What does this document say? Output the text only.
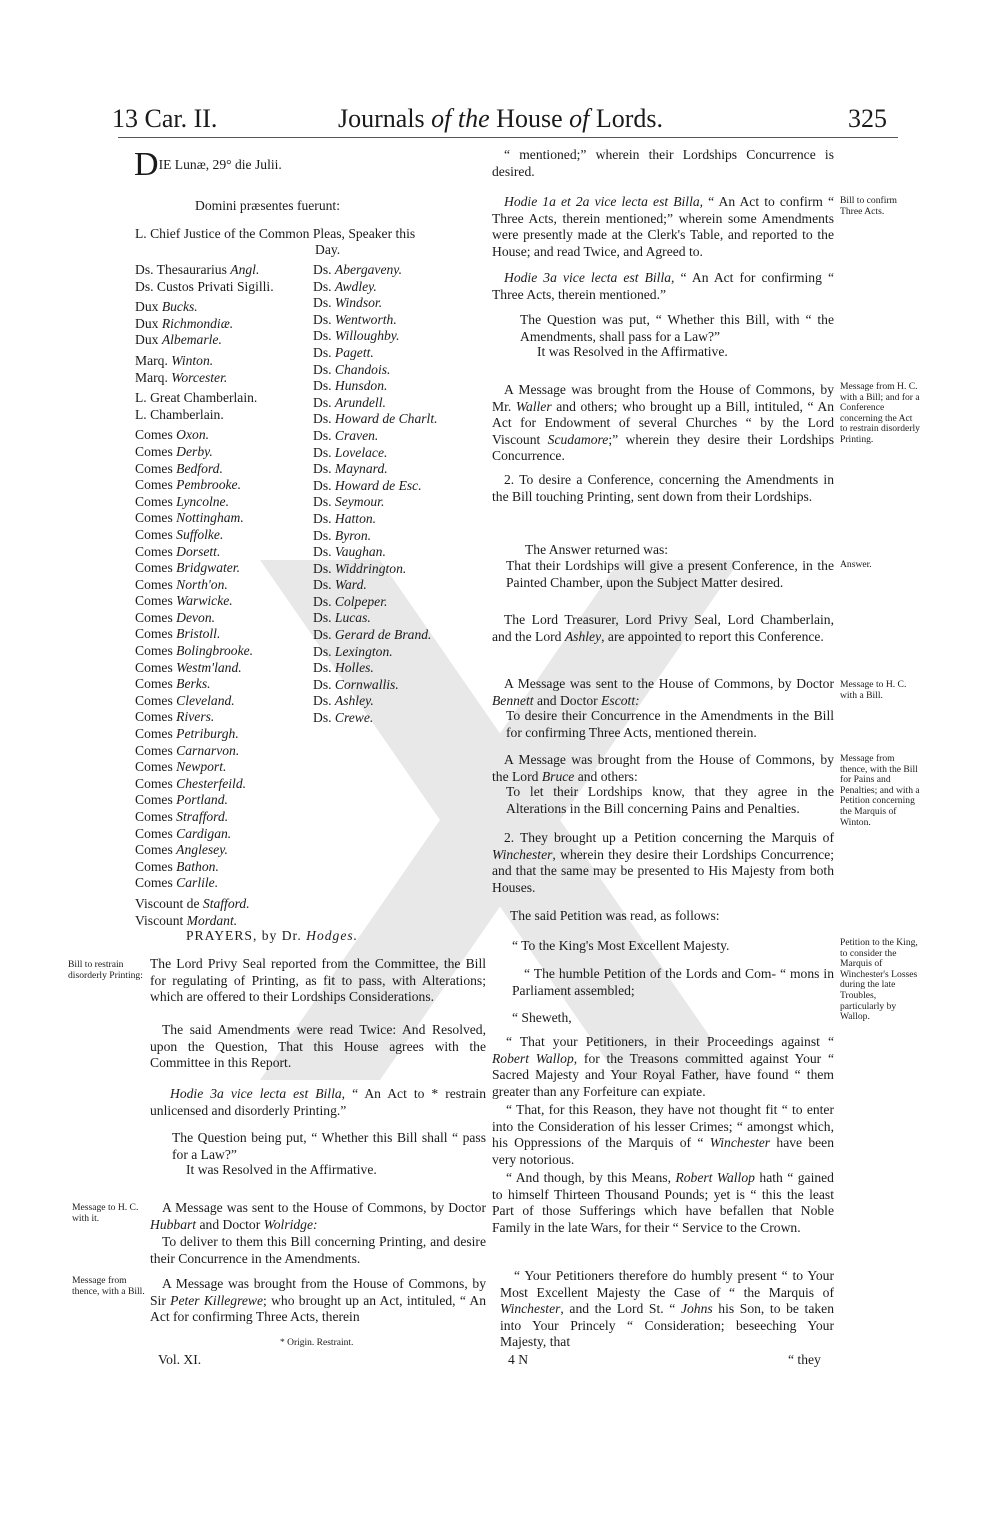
13 Car. II.	Journals of the House of Lords.	325
DIE Lunæ, 29° die Julii.
Domini præsentes fuerunt:
L. Chief Justice of the Common Pleas, Speaker this
Day.
Ds. Thesaurarius Angl.
Ds. Custos Privati Sigilli.
Dux Bucks.
Dux Richmondiæ.
Dux Albemarle.
Marq. Winton.
Marq. Worcester.
L. Great Chamberlain.
L. Chamberlain.
Comes Oxon.
Comes Derby.
Comes Bedford.
Comes Pembrooke.
Comes Lyncolne.
Comes Nottingham.
Comes Suffolke.
Comes Dorsett.
Comes Bridgwater.
Comes North'on.
Comes Warwicke.
Comes Devon.
Comes Bristoll.
Comes Bolingbrooke.
Comes Westm'land.
Comes Berks.
Comes Cleveland.
Comes Rivers.
Comes Petriburgh.
Comes Carnarvon.
Comes Newport.
Comes Chesterfeild.
Comes Portland.
Comes Strafford.
Comes Cardigan.
Comes Anglesey.
Comes Bathon.
Comes Carlile.
Viscount de Stafford.
Viscount Mordant.
Ds. Abergaveny.
Ds. Awdley.
Ds. Windsor.
Ds. Wentworth.
Ds. Willoughby.
Ds. Pagett.
Ds. Chandois.
Ds. Hunsdon.
Ds. Arundell.
Ds. Howard de Charlt.
Ds. Craven.
Ds. Lovelace.
Ds. Maynard.
Ds. Howard de Esc.
Ds. Seymour.
Ds. Hatton.
Ds. Byron.
Ds. Vaughan.
Ds. Widdrington.
Ds. Ward.
Ds. Colpeper.
Ds. Lucas.
Ds. Gerard de Brand.
Ds. Lexington.
Ds. Holles.
Ds. Cornwallis.
Ds. Ashley.
Ds. Crewe.
PRAYERS, by Dr. Hodges.
The Lord Privy Seal reported from the Committee, the Bill for regulating of Printing, as fit to pass, with Alterations; which are offered to their Lordships Considerations.
The said Amendments were read Twice: And Resolved, upon the Question, That this House agrees with the Committee in this Report.
Hodie 3a vice lecta est Billa, “ An Act to * restrain unlicensed and disorderly Printing.”
The Question being put, “ Whether this Bill shall “ pass for a Law?”
It was Resolved in the Affirmative.
A Message was sent to the House of Commons, by Doctor Hubbart and Doctor Wolridge:
To deliver to them this Bill concerning Printing, and desire their Concurrence in the Amendments.
A Message was brought from the House of Commons, by Sir Peter Killegrewe; who brought up an Act, intituled, “ An Act for confirming Three Acts, therein
* Origin. Restraint.
Vol. XI.
Bill to restrain disorderly Printing:
Message to H. C. with it.
Message from thence, with a Bill.
“ mentioned;” wherein their Lordships Concurrence is desired.
Hodie 1a et 2a vice lecta est Billa, “ An Act to confirm “ Three Acts, therein mentioned;” wherein some Amendments were presently made at the Clerk's Table, and reported to the House; and read Twice, and Agreed to.
Hodie 3a vice lecta est Billa, “ An Act for confirming “ Three Acts, therein mentioned.”
The Question was put, “ Whether this Bill, with “ the Amendments, shall pass for a Law?”
It was Resolved in the Affirmative.
A Message was brought from the House of Commons, by Mr. Waller and others; who brought up a Bill, intituled, “ An Act for Endowment of several Churches “ by the Lord Viscount Scudamore;” wherein they desire their Lordships Concurrence.
2. To desire a Conference, concerning the Amendments in the Bill touching Printing, sent down from their Lordships.
The Answer returned was:
That their Lordships will give a present Conference, in the Painted Chamber, upon the Subject Matter desired.
The Lord Treasurer, Lord Privy Seal, Lord Chamberlain, and the Lord Ashley, are appointed to report this Conference.
A Message was sent to the House of Commons, by Doctor Bennett and Doctor Escott:
To desire their Concurrence in the Amendments in the Bill for confirming Three Acts, mentioned therein.
A Message was brought from the House of Commons, by the Lord Bruce and others:
To let their Lordships know, that they agree in the Alterations in the Bill concerning Pains and Penalties.
2. They brought up a Petition concerning the Marquis of Winchester, wherein they desire their Lordships Concurrence; and that the same may be presented to His Majesty from both Houses.
The said Petition was read, as follows:
“ To the King's Most Excellent Majesty.
“ The humble Petition of the Lords and Com- “ mons in Parliament assembled;
“ Sheweth,
“ That your Petitioners, in their Proceedings against “ Robert Wallop, for the Treasons committed against Your “ Sacred Majesty and Your Royal Father, have found “ them greater than any Forfeiture can expiate.
“ That, for this Reason, they have not thought fit “ to enter into the Consideration of his lesser Crimes; “ amongst which, his Oppressions of the Marquis of “ Winchester have been very notorious.
“ And though, by this Means, Robert Wallop hath “ gained to himself Thirteen Thousand Pounds; yet is “ this the least Part of those Sufferings which have befallen that Noble Family in the late Wars, for their “ Service to the Crown.
“ Your Petitioners therefore do humbly present “ to Your Most Excellent Majesty the Case of “ the Marquis of Winchester, and the Lord St. “ Johns his Son, to be taken into Your Princely “ Consideration; beseeching Your Majesty, that
4 N	“ they
Bill to confirm Three Acts.
Message from H. C. with a Bill; and for a Conference concerning the Act to restrain disorderly Printing.
Answer.
Message to H. C. with a Bill.
Message from thence, with the Bill for Pains and Penalties; and with a Petition concerning the Marquis of Winton.
Petition to the King, to consider the Marquis of Winchester's Losses during the late Troubles, particularly by Wallop.
